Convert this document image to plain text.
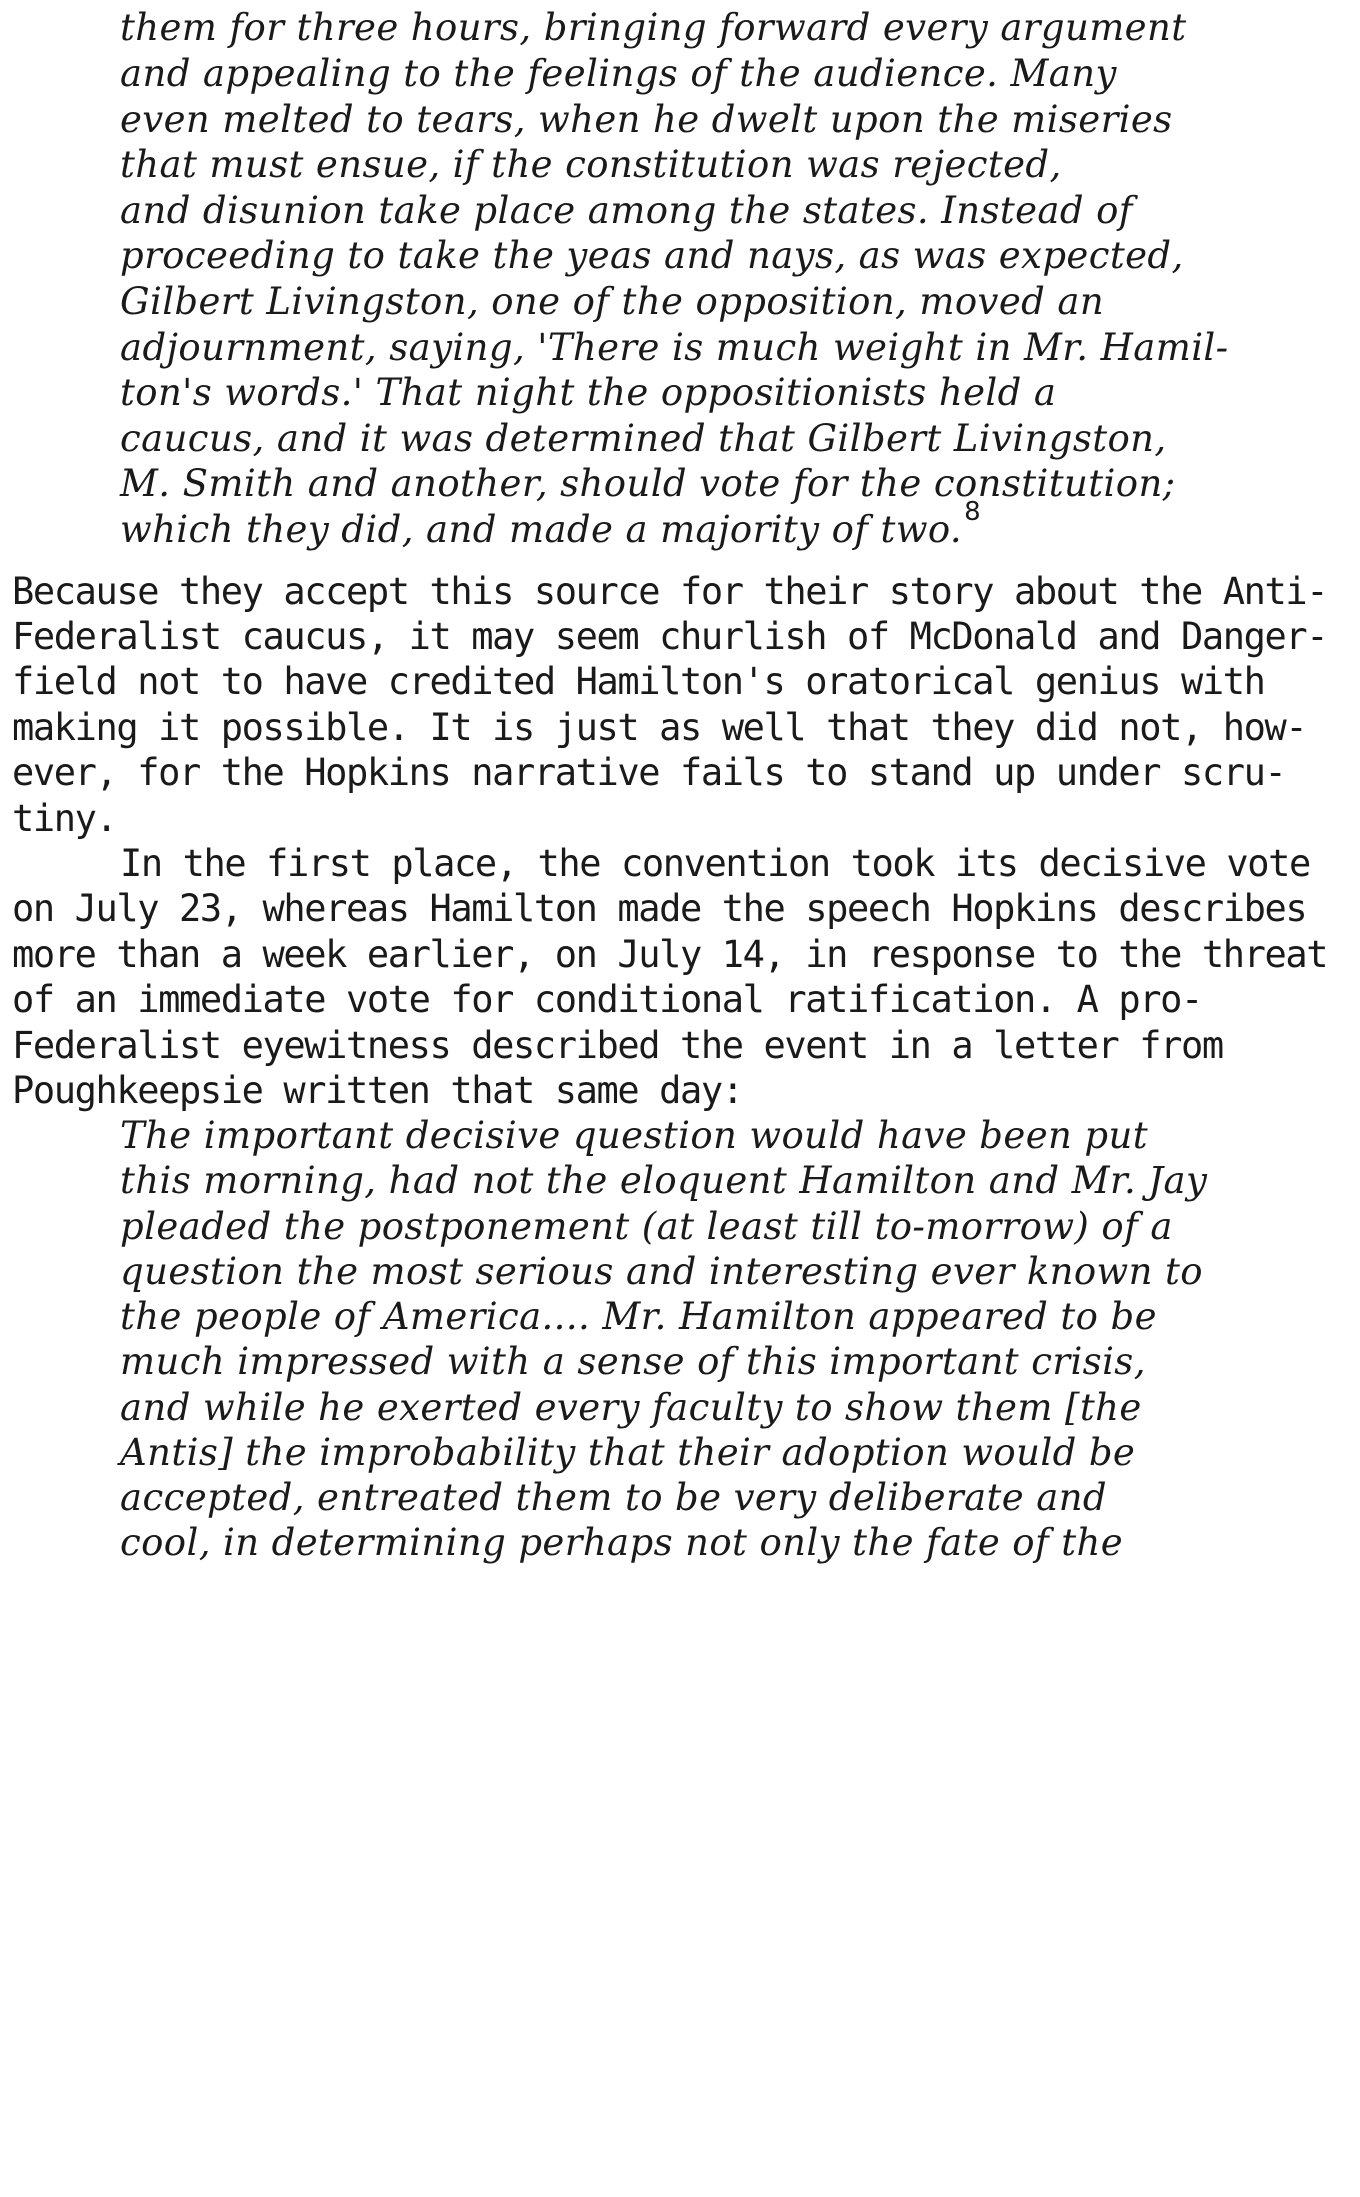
them for three hours, bringing forward every argument
and appealing to the feelings of the audience. Many
even melted to tears, when he dwelt upon the miseries
that must ensue, if the constitution was rejected,
and disunion take place among the states. Instead of
proceeding to take the yeas and nays, as was expected,
Gilbert Livingston, one of the opposition, moved an
adjournment, saying, 'There is much weight in Mr. Hamil-
ton's words.' That night the oppositionists held a
caucus, and it was determined that Gilbert Livingston,
M. Smith and another, should vote for the constitution;
which they did, and made a majority of two.$^8$
Because they accept this source for their story about the Anti-
Federalist caucus, it may seem churlish of McDonald and Danger-
field not to have credited Hamilton's oratorical genius with
making it possible. It is just as well that they did not, how-
ever, for the Hopkins narrative fails to stand up under scru-
tiny.
In the first place, the convention took its decisive vote
on July 23, whereas Hamilton made the speech Hopkins describes
more than a week earlier, on July 14, in response to the threat
of an immediate vote for conditional ratification. A pro-
Federalist eyewitness described the event in a letter from
Poughkeepsie written that same day:
The important decisive question would have been put
this morning, had not the eloquent Hamilton and Mr. Jay
pleaded the postponement (at least till to-morrow) of a
question the most serious and interesting ever known to
the people of America.... Mr. Hamilton appeared to be
much impressed with a sense of this important crisis,
and while he exerted every faculty to show them [the
Antis] the improbability that their adoption would be
accepted, entreated them to be very deliberate and
cool, in determining perhaps not only the fate of the
